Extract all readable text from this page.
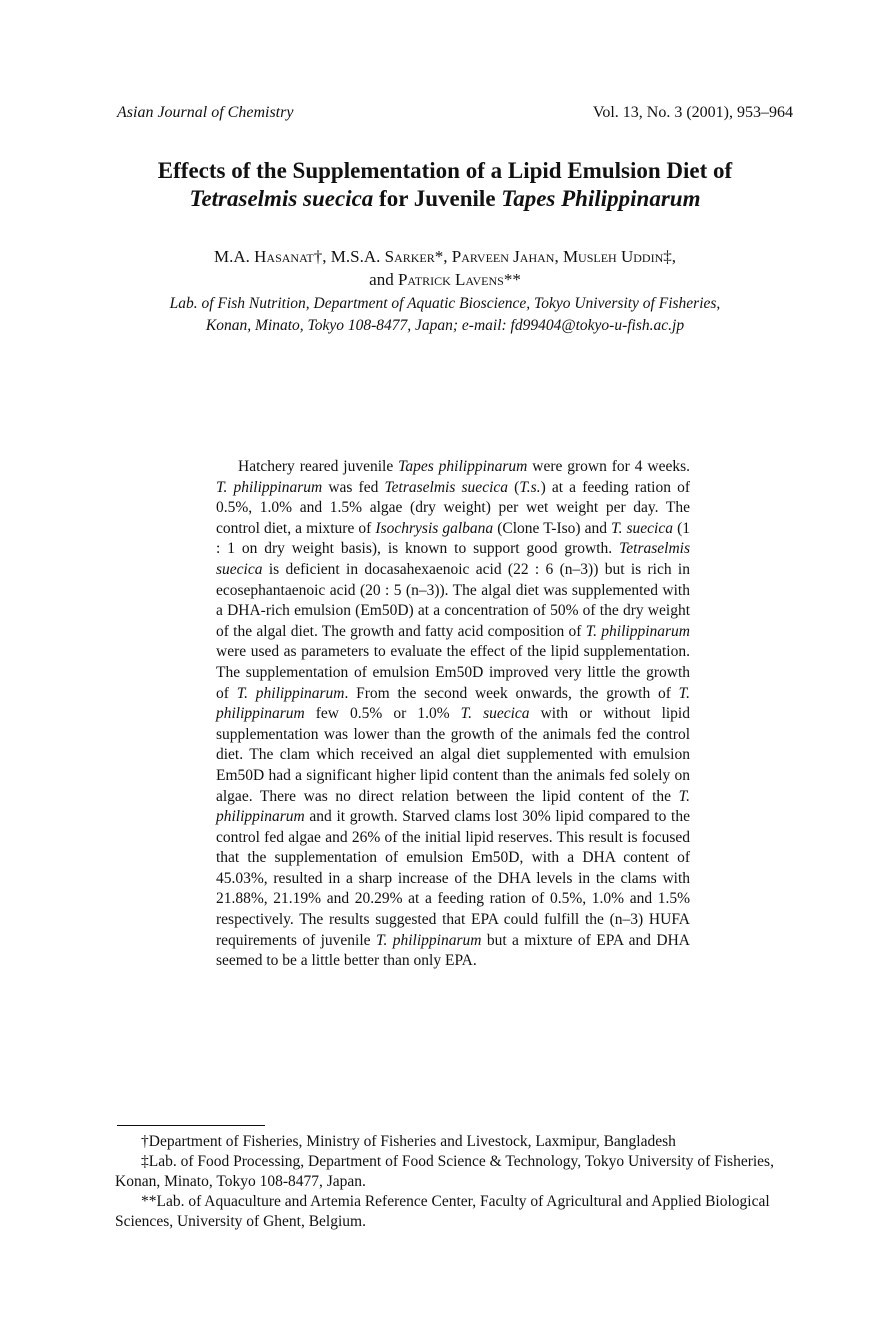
Asian Journal of Chemistry	Vol. 13, No. 3 (2001), 953–964
Effects of the Supplementation of a Lipid Emulsion Diet of
Tetraselmis suecica for Juvenile Tapes Philippinarum
M.A. Hasanat†, M.S.A. Sarker*, Parveen Jahan, Musleh Uddin‡,
and Patrick Lavens**
Lab. of Fish Nutrition, Department of Aquatic Bioscience, Tokyo University of Fisheries,
Konan, Minato, Tokyo 108-8477, Japan; e-mail: fd99404@tokyo-u-fish.ac.jp
Hatchery reared juvenile Tapes philippinarum were grown for 4 weeks. T. philippinarum was fed Tetraselmis suecica (T.s.) at a feeding ration of 0.5%, 1.0% and 1.5% algae (dry weight) per wet weight per day. The control diet, a mixture of Isochrysis galbana (Clone T-Iso) and T. suecica (1 : 1 on dry weight basis), is known to support good growth. Tetraselmis suecica is deficient in docasahexaenoic acid (22 : 6 (n–3)) but is rich in ecosephantaenoic acid (20 : 5 (n–3)). The algal diet was supplemented with a DHA-rich emulsion (Em50D) at a concentration of 50% of the dry weight of the algal diet. The growth and fatty acid composition of T. philippinarum were used as parameters to evaluate the effect of the lipid supplementation. The supplementation of emulsion Em50D improved very little the growth of T. philippinarum. From the second week onwards, the growth of T. philippinarum few 0.5% or 1.0% T. suecica with or without lipid supplementation was lower than the growth of the animals fed the control diet. The clam which received an algal diet supplemented with emulsion Em50D had a significant higher lipid content than the animals fed solely on algae. There was no direct relation between the lipid content of the T. philippinarum and it growth. Starved clams lost 30% lipid compared to the control fed algae and 26% of the initial lipid reserves. This result is focused that the supplementation of emulsion Em50D, with a DHA content of 45.03%, resulted in a sharp increase of the DHA levels in the clams with 21.88%, 21.19% and 20.29% at a feeding ration of 0.5%, 1.0% and 1.5% respectively. The results suggested that EPA could fulfill the (n–3) HUFA requirements of juvenile T. philippinarum but a mixture of EPA and DHA seemed to be a little better than only EPA.

†Department of Fisheries, Ministry of Fisheries and Livestock, Laxmipur, Bangladesh

‡Lab. of Food Processing, Department of Food Science & Technology, Tokyo University of Fisheries, Konan, Minato, Tokyo 108-8477, Japan.

**Lab. of Aquaculture and Artemia Reference Center, Faculty of Agricultural and Applied Biological Sciences, University of Ghent, Belgium.
